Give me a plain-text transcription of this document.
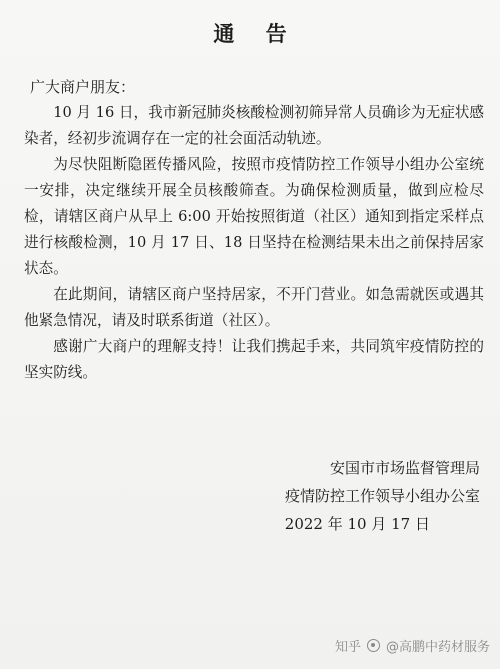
通 告
广大商户朋友：

10 月 16 日，我市新冠肺炎核酸检测初筛异常人员确诊为无症状感染者，经初步流调存在一定的社会面活动轨迹。

为尽快阻断隐匿传播风险，按照市疫情防控工作领导小组办公室统一安排，决定继续开展全员核酸筛查。为确保检测质量，做到应检尽检，请辖区商户从早上 6:00 开始按照街道（社区）通知到指定采样点进行核酸检测，10 月 17 日、18 日坚持在检测结果未出之前保持居家状态。

在此期间，请辖区商户坚持居家，不开门营业。如急需就医或遇其他紧急情况，请及时联系街道（社区）。

感谢广大商户的理解支持！让我们携起手来，共同筑牢疫情防控的坚实防线。

安国市市场监督管理局
疫情防控工作领导小组办公室
2022 年 10 月 17 日
知乎 @高鹏中药材服务
